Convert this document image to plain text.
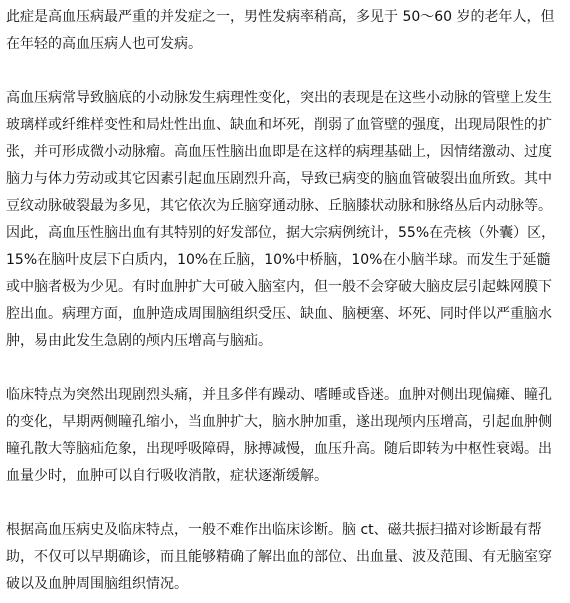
此症是高血压病最严重的并发症之一，男性发病率稍高，多见于 50～60 岁的老年人，但在年轻的高血压病人也可发病。

高血压病常导致脑底的小动脉发生病理性变化，突出的表现是在这些小动脉的管壁上发生玻璃样或纤维样变性和局灶性出血、缺血和坏死，削弱了血管壁的强度，出现局限性的扩张，并可形成微小动脉瘤。高血压性脑出血即是在这样的病理基础上，因情绪激动、过度脑力与体力劳动或其它因素引起血压剧烈升高，导致已病变的脑血管破裂出血所致。其中豆纹动脉破裂最为多见，其它依次为丘脑穿通动脉、丘脑膝状动脉和脉络丛后内动脉等。因此，高血压性脑出血有其特别的好发部位，据大宗病例统计，55%在壳核（外囊）区，15%在脑叶皮层下白质内，10%在丘脑，10%中桥脑，10%在小脑半球。而发生于延髓或中脑者极为少见。有时血肿扩大可破入脑室内，但一般不会穿破大脑皮层引起蛛网膜下腔出血。病理方面，血肿造成周围脑组织受压、缺血、脑梗塞、坏死、同时伴以严重脑水肿，易由此发生急剧的颅内压增高与脑疝。

临床特点为突然出现剧烈头痛，并且多伴有躁动、嗜睡或昏迷。血肿对侧出现偏瘫、瞳孔的变化，早期两侧瞳孔缩小，当血肿扩大，脑水肿加重，遂出现颅内压增高，引起血肿侧瞳孔散大等脑疝危象，出现呼吸障碍，脉搏减慢，血压升高。随后即转为中枢性衰竭。出血量少时，血肿可以自行吸收消散，症状逐渐缓解。

根据高血压病史及临床特点，一般不难作出临床诊断。脑 ct、磁共振扫描对诊断最有帮助，不仅可以早期确诊，而且能够精确了解出血的部位、出血量、波及范围、有无脑室穿破以及血肿周围脑组织情况。
